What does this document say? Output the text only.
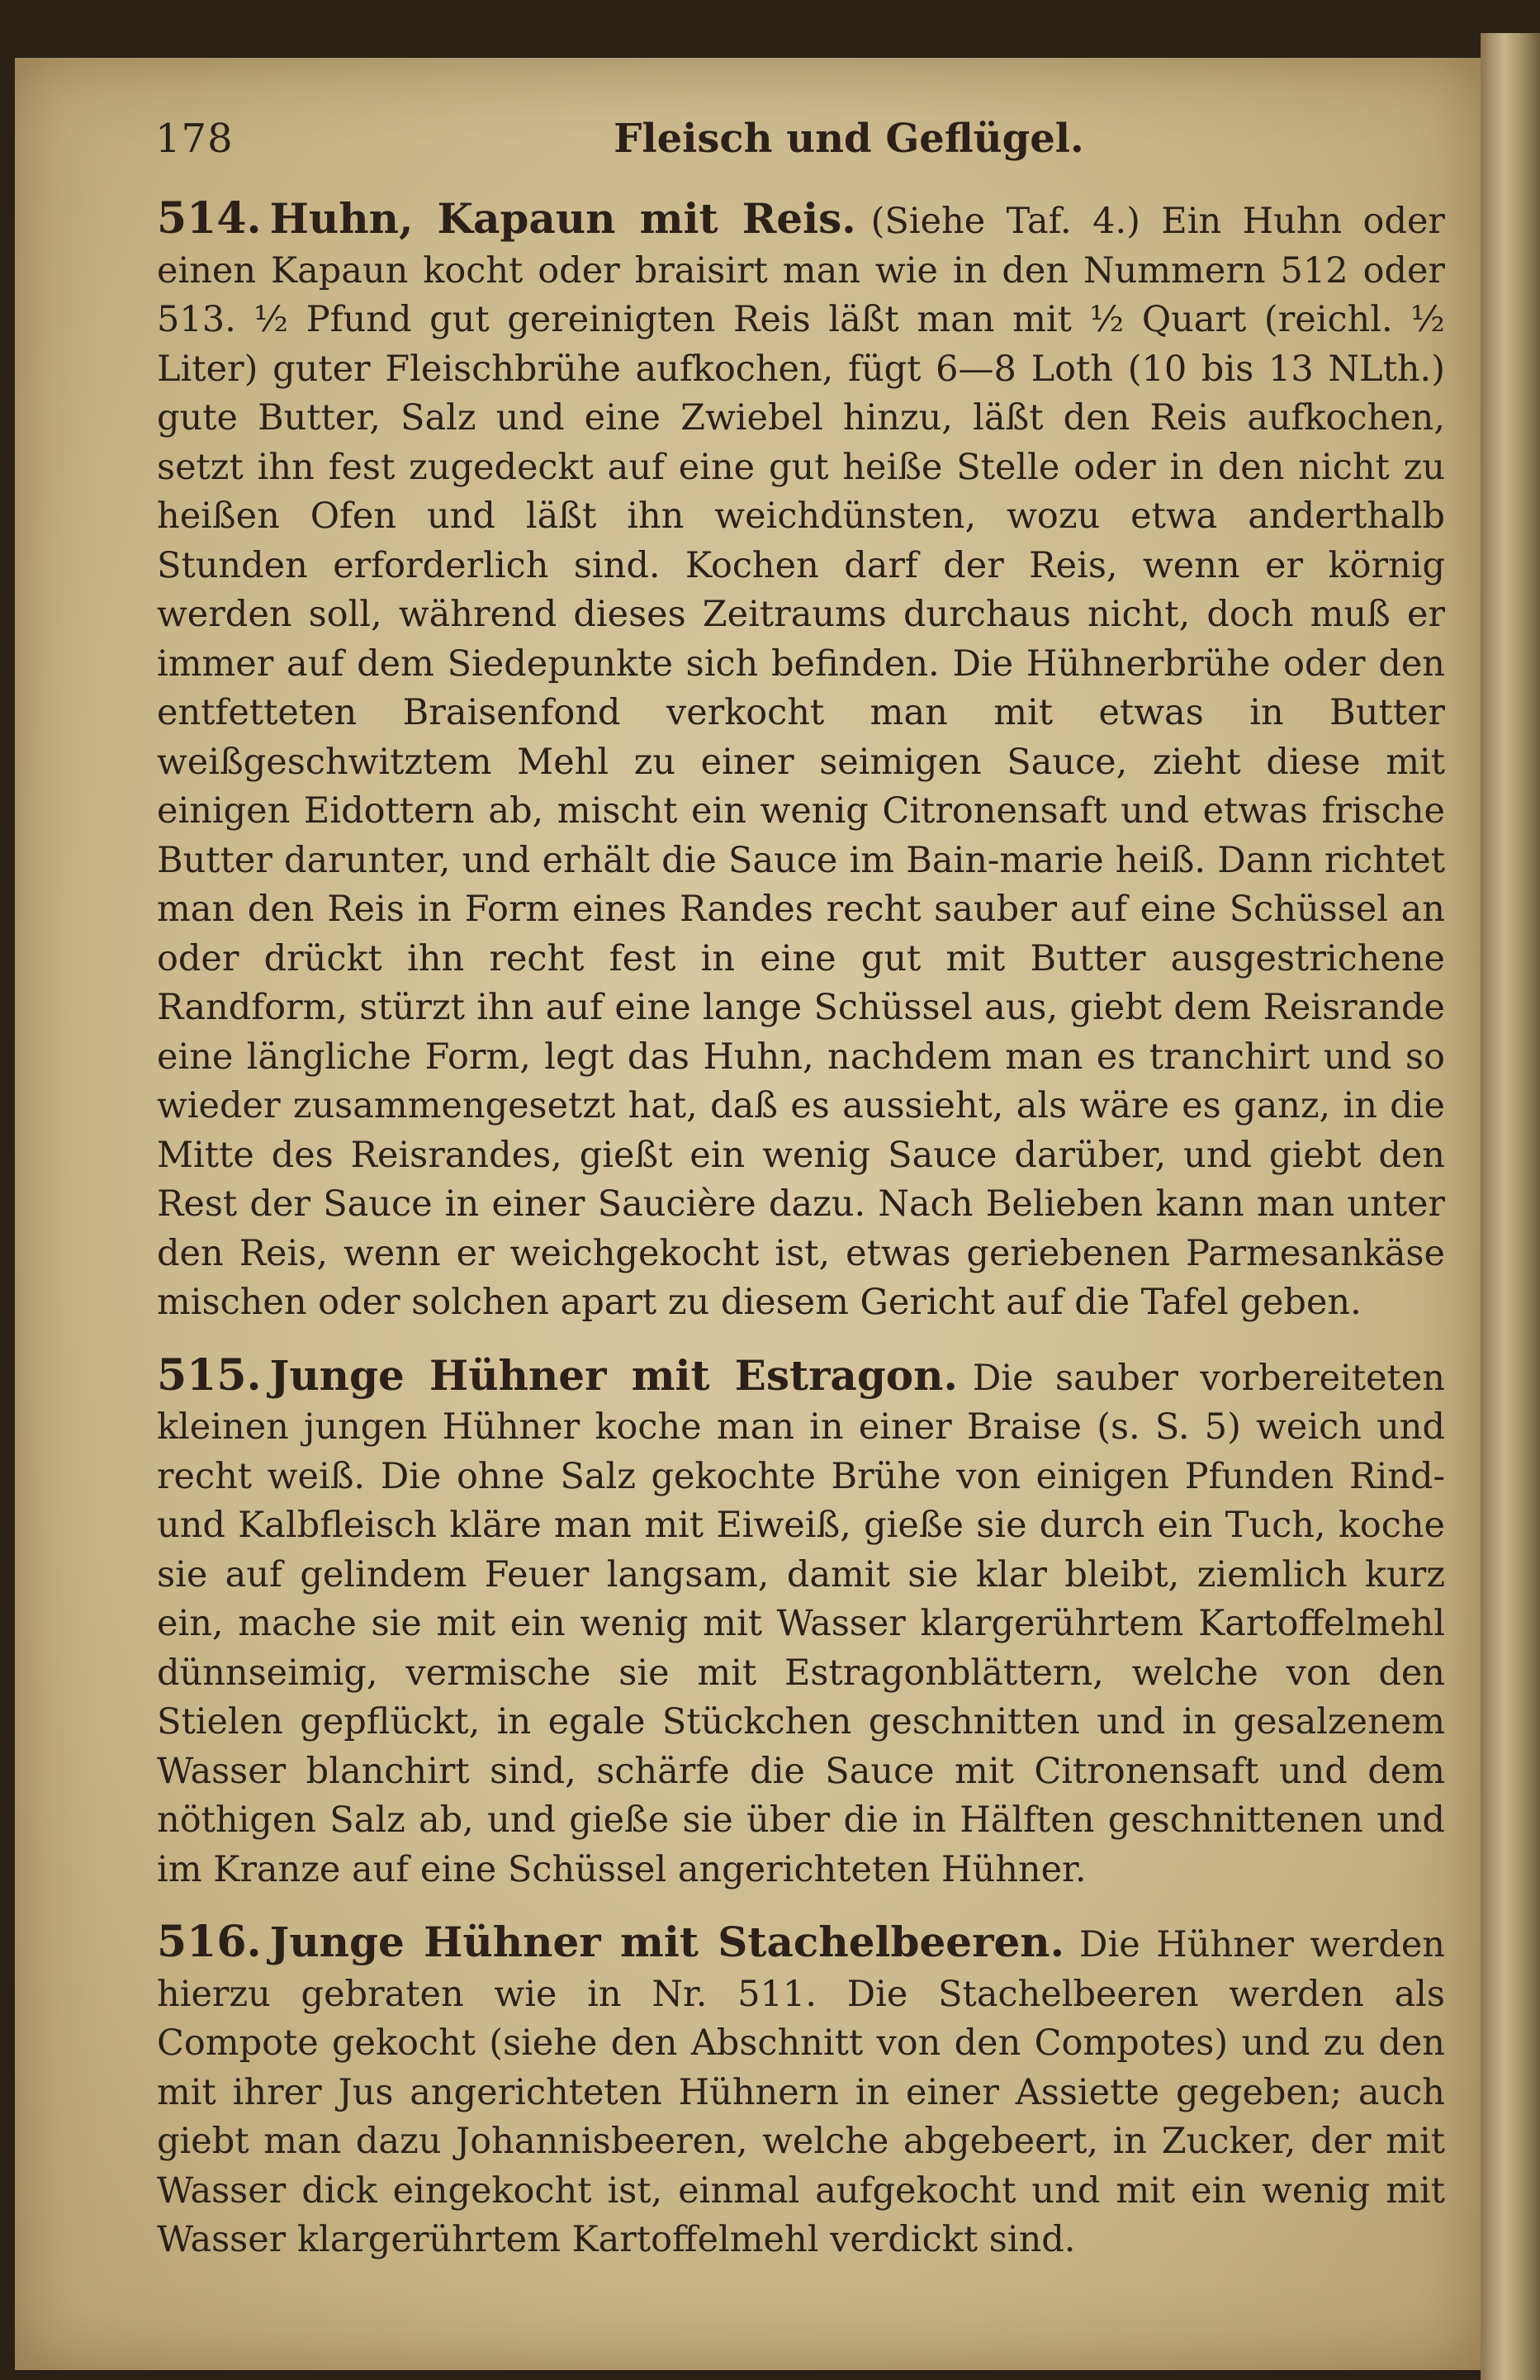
178	Fleisch und Geflügel.

514. Huhn, Kapaun mit Reis. (Siehe Taf. 4.) Ein Huhn oder einen Kapaun kocht oder braisirt man wie in den Nummern 512 oder 513. ½ Pfund gut gereinigten Reis läßt man mit ½ Quart (reichl. ½ Liter) guter Fleischbrühe aufkochen, fügt 6—8 Loth (10 bis 13 NLth.) gute Butter, Salz und eine Zwiebel hinzu, läßt den Reis aufkochen, setzt ihn fest zugedeckt auf eine gut heiße Stelle oder in den nicht zu heißen Ofen und läßt ihn weichdünsten, wozu etwa anderthalb Stunden erforderlich sind. Kochen darf der Reis, wenn er körnig werden soll, während dieses Zeitraums durchaus nicht, doch muß er immer auf dem Siedepunkte sich befinden. Die Hühnerbrühe oder den entfetteten Braisenfond verkocht man mit etwas in Butter weißgeschwitztem Mehl zu einer seimigen Sauce, zieht diese mit einigen Eidottern ab, mischt ein wenig Citronensaft und etwas frische Butter darunter, und erhält die Sauce im Bain-marie heiß. Dann richtet man den Reis in Form eines Randes recht sauber auf eine Schüssel an oder drückt ihn recht fest in eine gut mit Butter ausgestrichene Randform, stürzt ihn auf eine lange Schüssel aus, giebt dem Reisrande eine längliche Form, legt das Huhn, nachdem man es tranchirt und so wieder zusammengesetzt hat, daß es aussieht, als wäre es ganz, in die Mitte des Reisrandes, gießt ein wenig Sauce darüber, und giebt den Rest der Sauce in einer Saucière dazu. Nach Belieben kann man unter den Reis, wenn er weichgekocht ist, etwas geriebenen Parmesankäse mischen oder solchen apart zu diesem Gericht auf die Tafel geben.

515. Junge Hühner mit Estragon. Die sauber vorbereiteten kleinen jungen Hühner koche man in einer Braise (s. S. 5) weich und recht weiß. Die ohne Salz gekochte Brühe von einigen Pfunden Rind- und Kalbfleisch kläre man mit Eiweiß, gieße sie durch ein Tuch, koche sie auf gelindem Feuer langsam, damit sie klar bleibt, ziemlich kurz ein, mache sie mit ein wenig mit Wasser klargerührtem Kartoffelmehl dünnseimig, vermische sie mit Estragonblättern, welche von den Stielen gepflückt, in egale Stückchen geschnitten und in gesalzenem Wasser blanchirt sind, schärfe die Sauce mit Citronensaft und dem nöthigen Salz ab, und gieße sie über die in Hälften geschnittenen und im Kranze auf eine Schüssel angerichteten Hühner.

516. Junge Hühner mit Stachelbeeren. Die Hühner werden hierzu gebraten wie in Nr. 511. Die Stachelbeeren werden als Compote gekocht (siehe den Abschnitt von den Compotes) und zu den mit ihrer Jus angerichteten Hühnern in einer Assiette gegeben; auch giebt man dazu Johannisbeeren, welche abgebeert, in Zucker, der mit Wasser dick eingekocht ist, einmal aufgekocht und mit ein wenig mit Wasser klargerührtem Kartoffelmehl verdickt sind.
